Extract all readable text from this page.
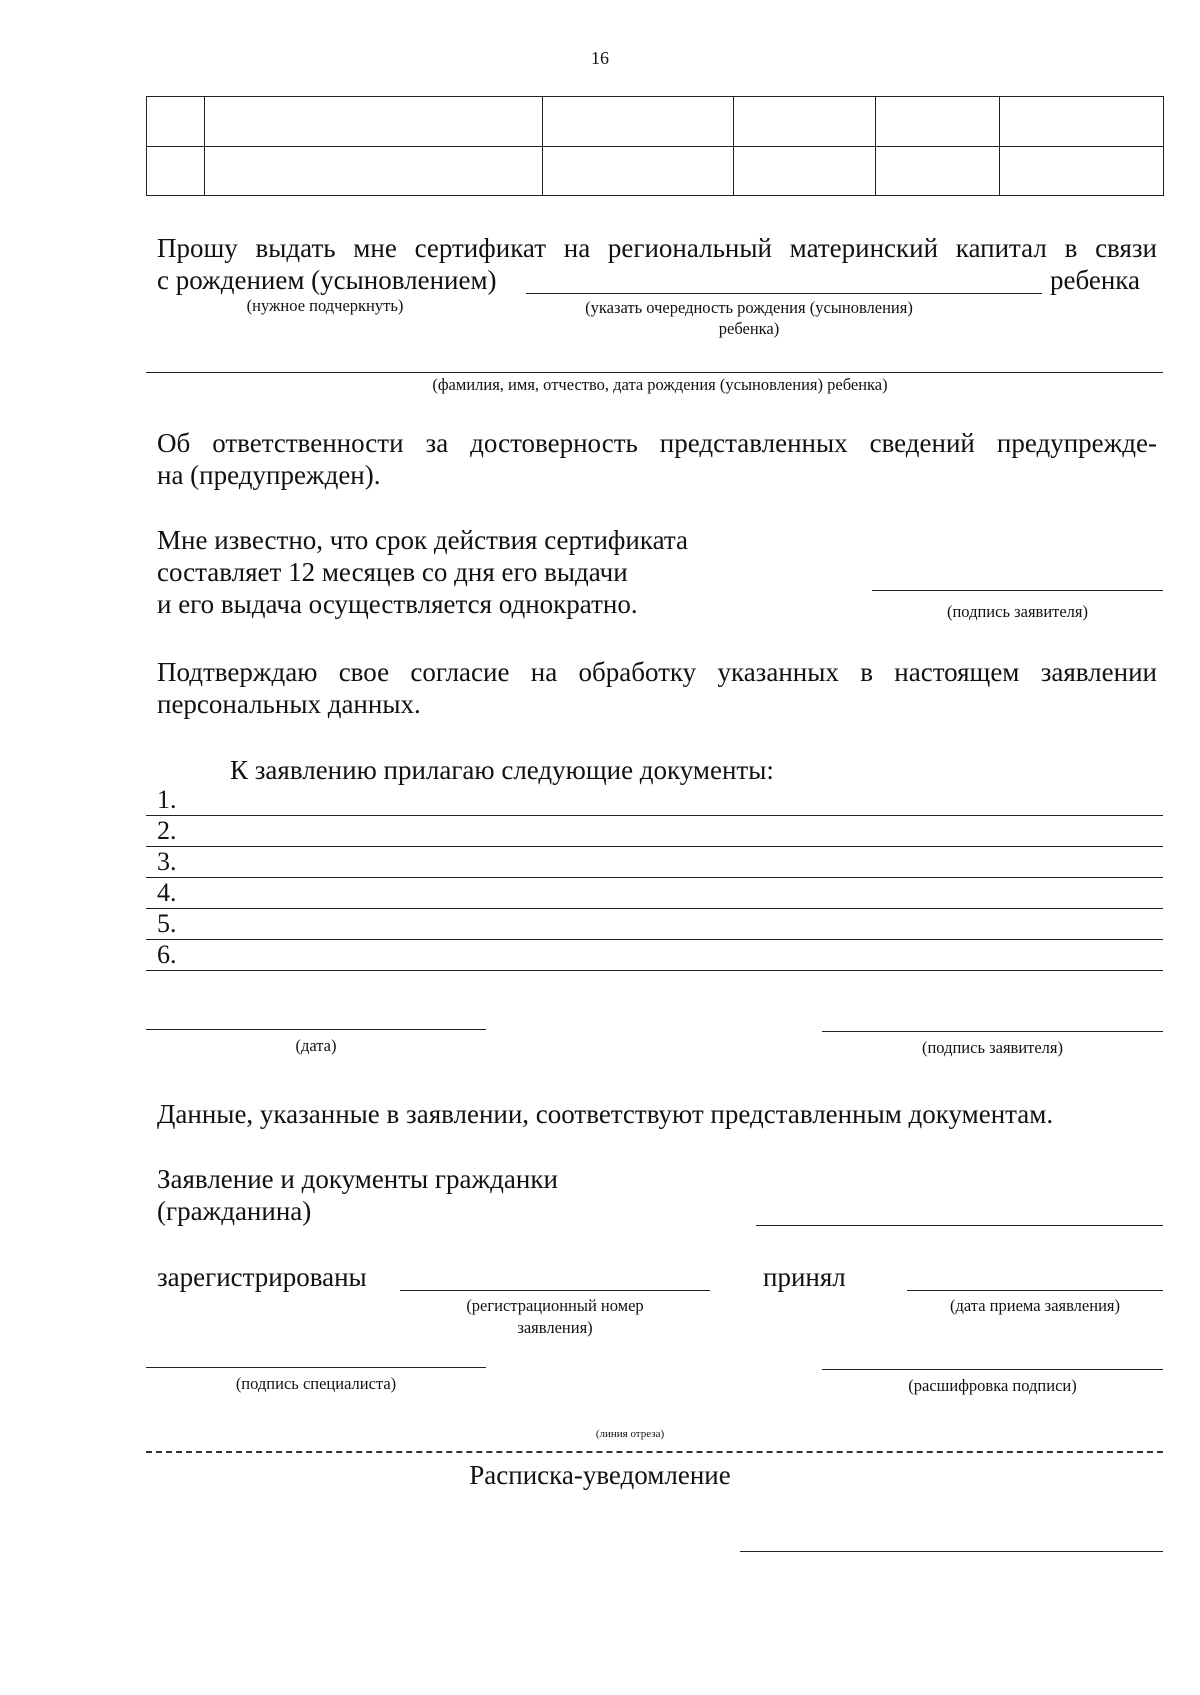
16

Прошу выдать мне сертификат на региональный материнский капитал в связи
с рождением (усыновлением)	ребенка
(нужное подчеркнуть)	(указать очередность рождения (усыновления)
ребенка)
(фамилия, имя, отчество, дата рождения (усыновления) ребенка)
Об ответственности за достоверность представленных сведений предупрежде-
на (предупрежден).
Мне известно, что срок действия сертификата
составляет 12 месяцев со дня его выдачи
и его выдача осуществляется однократно.	(подпись заявителя)
Подтверждаю свое согласие на обработку указанных в настоящем заявлении
персональных данных.
К заявлению прилагаю следующие документы:
1.
2.
3.
4.
5.
6.
(дата)	(подпись заявителя)
Данные, указанные в заявлении, соответствуют представленным документам.
Заявление и документы гражданки
(гражданина)
зарегистрированы
(регистрационный номер
заявления)
принял
(дата приема заявления)
(подпись специалиста)	(расшифровка подписи)
(линия отреза)
Расписка-уведомление
